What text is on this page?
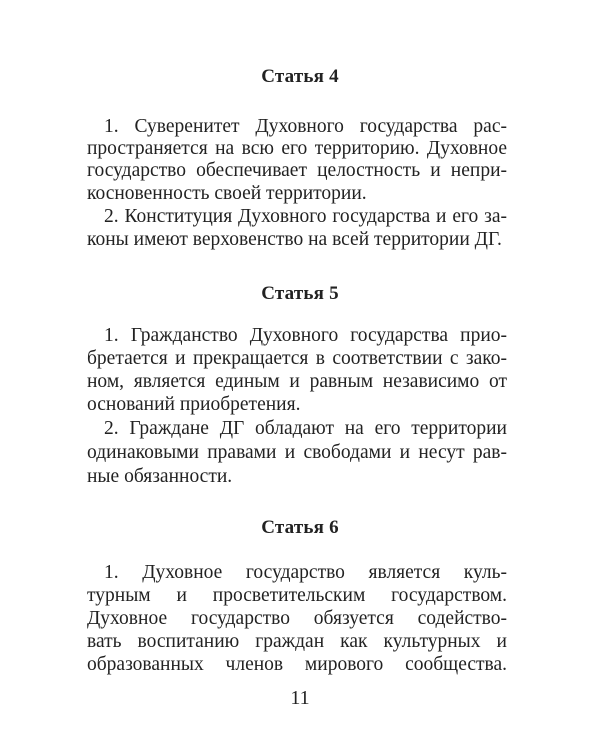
Статья 4
1. Суверенитет Духовного государства рас-
пространяется на всю его территорию. Духовное
государство обеспечивает целостность и непри-
косновенность своей территории.
2. Конституция Духовного государства и его за-
коны имеют верховенство на всей территории ДГ.
Статья 5
1. Гражданство Духовного государства прио-
бретается и прекращается в соответствии с зако-
ном, является единым и равным независимо от
оснований приобретения.
2. Граждане ДГ обладают на его территории
одинаковыми правами и свободами и несут рав-
ные обязанности.
Статья 6
1. Духовное государство является куль-
турным и просветительским государством.
Духовное государство обязуется содейство-
вать воспитанию граждан как культурных и
образованных членов мирового сообщества.
11
